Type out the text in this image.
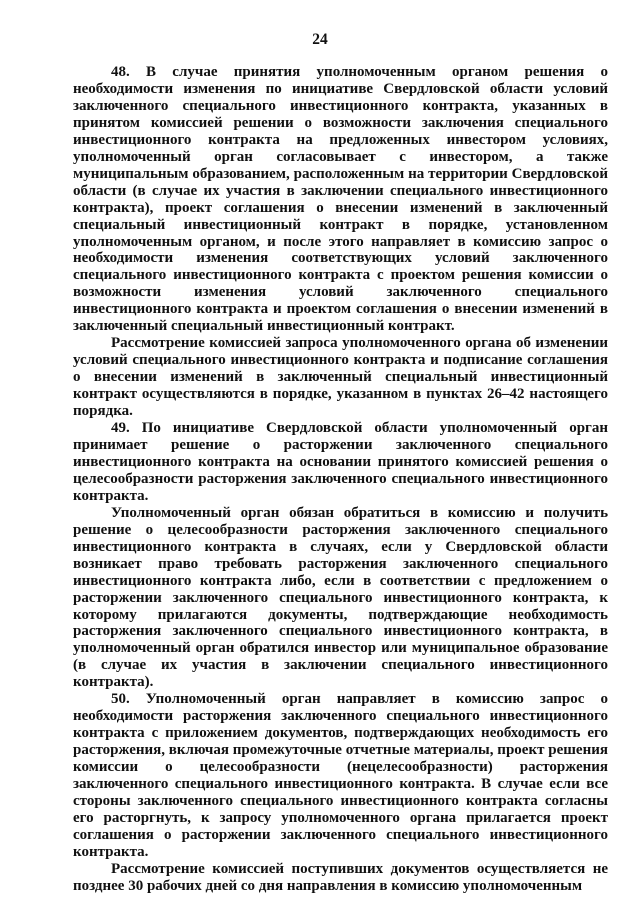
24

48. В случае принятия уполномоченным органом решения о необходимости изменения по инициативе Свердловской области условий заключенного специального инвестиционного контракта, указанных в принятом комиссией решении о возможности заключения специального инвестиционного контракта на предложенных инвестором условиях, уполномоченный орган согласовывает с инвестором, а также муниципальным образованием, расположенным на территории Свердловской области (в случае их участия в заключении специального инвестиционного контракта), проект соглашения о внесении изменений в заключенный специальный инвестиционный контракт в порядке, установленном уполномоченным органом, и после этого направляет в комиссию запрос о необходимости изменения соответствующих условий заключенного специального инвестиционного контракта с проектом решения комиссии о возможности изменения условий заключенного специального инвестиционного контракта и проектом соглашения о внесении изменений в заключенный специальный инвестиционный контракт.

Рассмотрение комиссией запроса уполномоченного органа об изменении условий специального инвестиционного контракта и подписание соглашения о внесении изменений в заключенный специальный инвестиционный контракт осуществляются в порядке, указанном в пунктах 26–42 настоящего порядка.

49. По инициативе Свердловской области уполномоченный орган принимает решение о расторжении заключенного специального инвестиционного контракта на основании принятого комиссией решения о целесообразности расторжения заключенного специального инвестиционного контракта.

Уполномоченный орган обязан обратиться в комиссию и получить решение о целесообразности расторжения заключенного специального инвестиционного контракта в случаях, если у Свердловской области возникает право требовать расторжения заключенного специального инвестиционного контракта либо, если в соответствии с предложением о расторжении заключенного специального инвестиционного контракта, к которому прилагаются документы, подтверждающие необходимость расторжения заключенного специального инвестиционного контракта, в уполномоченный орган обратился инвестор или муниципальное образование (в случае их участия в заключении специального инвестиционного контракта).

50. Уполномоченный орган направляет в комиссию запрос о необходимости расторжения заключенного специального инвестиционного контракта с приложением документов, подтверждающих необходимость его расторжения, включая промежуточные отчетные материалы, проект решения комиссии о целесообразности (нецелесообразности) расторжения заключенного специального инвестиционного контракта. В случае если все стороны заключенного специального инвестиционного контракта согласны его расторгнуть, к запросу уполномоченного органа прилагается проект соглашения о расторжении заключенного специального инвестиционного контракта.

Рассмотрение комиссией поступивших документов осуществляется не позднее 30 рабочих дней со дня направления в комиссию уполномоченным
